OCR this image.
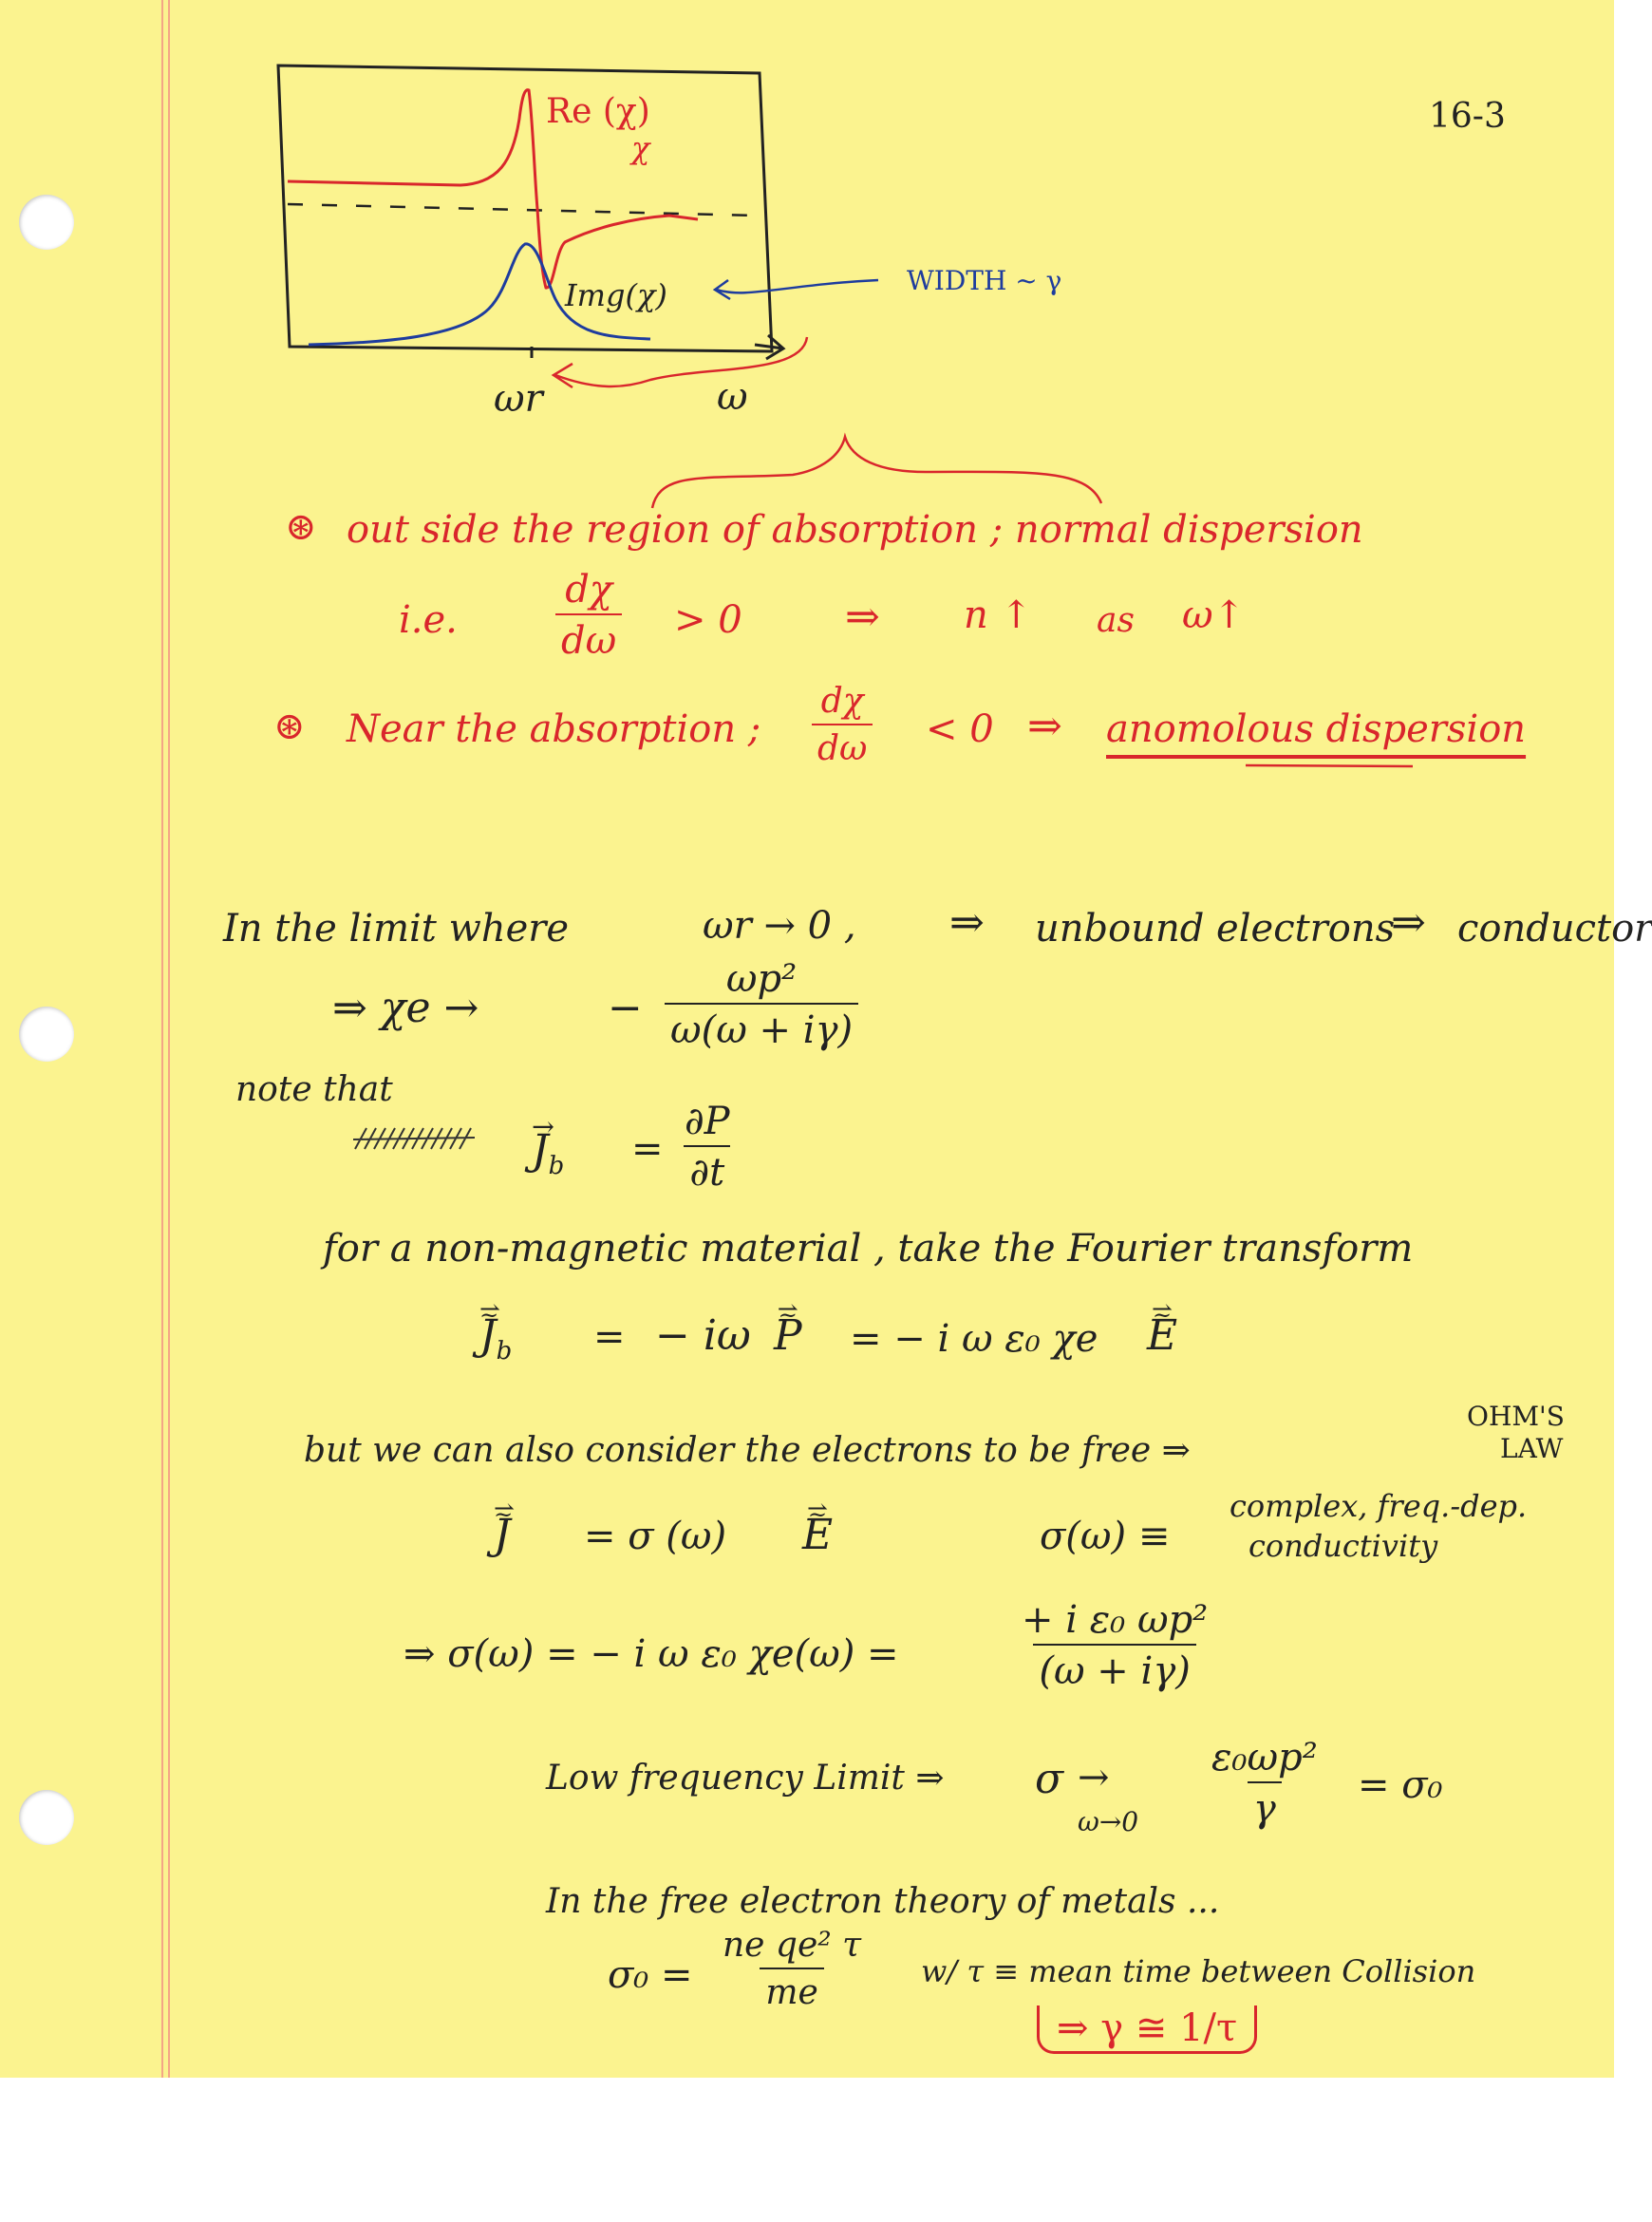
16-3
Re (χ)
χ
Img(χ)	WIDTH ~ γ
ωr	ω
⊛ out side the region of absorption ; normal dispersion
i.e.	$\frac{d\chi}{d\omega} > 0$ ⇒ n ↑ as ω↑
⊛ Near the absorption ; $\frac{d\chi}{d\omega} < 0$ ⇒ anomolous dispersion
In the limit where	ωr → 0 , ⇒ unbound electrons
⇒ conductor
⇒ χe →	− $\frac{\text{ωp²}}{\omega(\omega + i\gamma)}$
note that
→ $J_b = \frac{\partial P}{\partial t}$
for a non-magnetic material , take the Fourier transform
⇀ J $\sim_b$ = − iω ⇀ P ~ = − i ω ε₀ χe ⇀ E ~
but we can also consider the electrons to be free ⇒
OHM'S
LAW
⇀ J ~ = σ (ω) ⇀ E ~	σ(ω) ≡
complex, freq.-dep.
conductivity
⇒ σ(ω) = − i ω ε₀ χe(ω) =	$\frac{\text{+ i ε₀ ωp²}}{(\omega + i\gamma)}$
Low frequency Limit ⇒ σ →
$\omega\to 0 \frac{\text{ε₀ωp²}}{\gamma} = \sigma_0$
In the free electron theory of metals ...
$\sigma_0 = \frac{\text{ne qe² τ}}{me} w/$ τ ≡ mean time between Collision
⇒ γ ≅ 1/τ
